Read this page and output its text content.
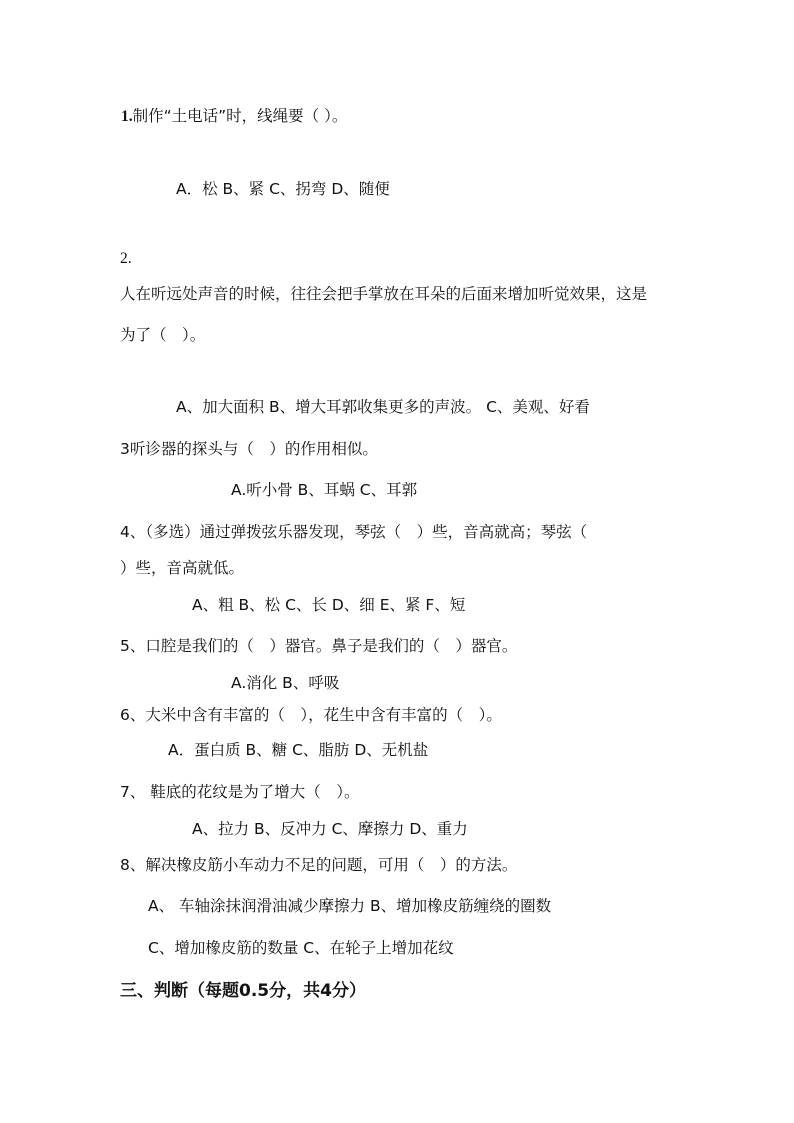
1.制作“土电话”时，线绳要（ ）。
A．松 B、紧 C、拐弯 D、随便
2.
人在听远处声音的时候，往往会把手掌放在耳朵的后面来增加听觉效果，这是
为了（　）。
A、加大面积 B、增大耳郭收集更多的声波。 C、美观、好看
3听诊器的探头与（　）的作用相似。
A.听小骨 B、耳蜗 C、耳郭
4、（多选）通过弹拨弦乐器发现，琴弦（　）些，音高就高；琴弦（
）些，音高就低。
A、粗 B、松 C、长 D、细 E、紧 F、短
5、口腔是我们的（　）器官。鼻子是我们的（　）器官。
A.消化 B、呼吸
6、大米中含有丰富的（　），花生中含有丰富的（　）。
A．蛋白质 B、糖 C、脂肪 D、无机盐
7、 鞋底的花纹是为了增大（　）。
A、拉力 B、反冲力 C、摩擦力 D、重力
8、解决橡皮筋小车动力不足的问题，可用（　）的方法。
A、 车轴涂抹润滑油减少摩擦力 B、增加橡皮筋缠绕的圈数
C、增加橡皮筋的数量 C、在轮子上增加花纹
三、判断（每题0.5分，共4分）
